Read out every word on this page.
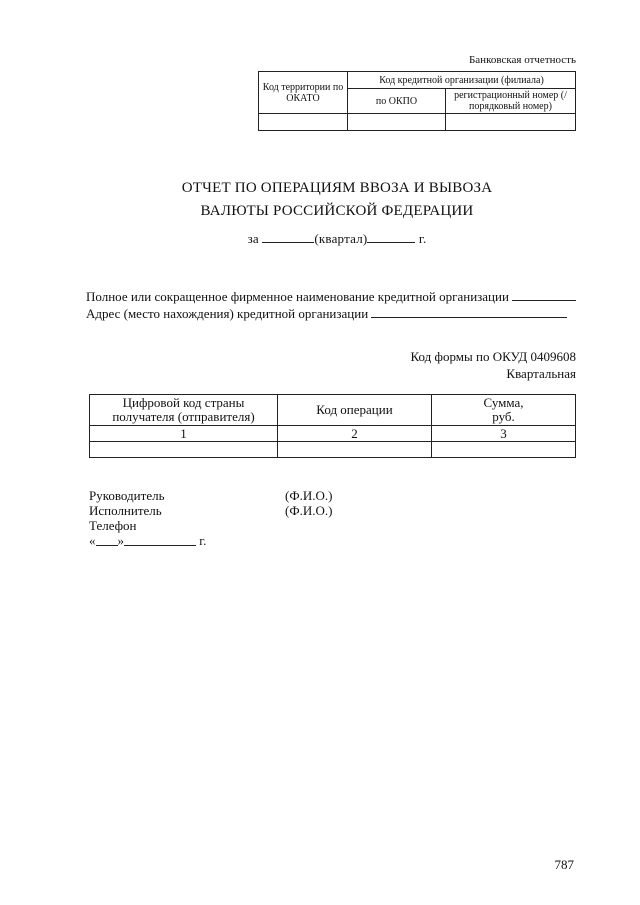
Банковская отчетность
Код территории по ОКАТО	Код кредитной организации (филиала)	
	по ОКПО	регистрационный номер (/порядковый номер)

ОТЧЕТ ПО ОПЕРАЦИЯМ ВВОЗА И ВЫВОЗА
ВАЛЮТЫ РОССИЙСКОЙ ФЕДЕРАЦИИ
за	(квартал)	г.
Полное или сокращенное фирменное наименование кредитной организации
Адрес (место нахождения) кредитной организации
Код формы по ОКУД 0409608
Квартальная
Цифровой код страны получателя (отправителя)	Код операции	Сумма, руб.
1	2	3

Руководитель	(Ф.И.О.)
Исполнитель	(Ф.И.О.)
Телефон
« »
	г.
787
